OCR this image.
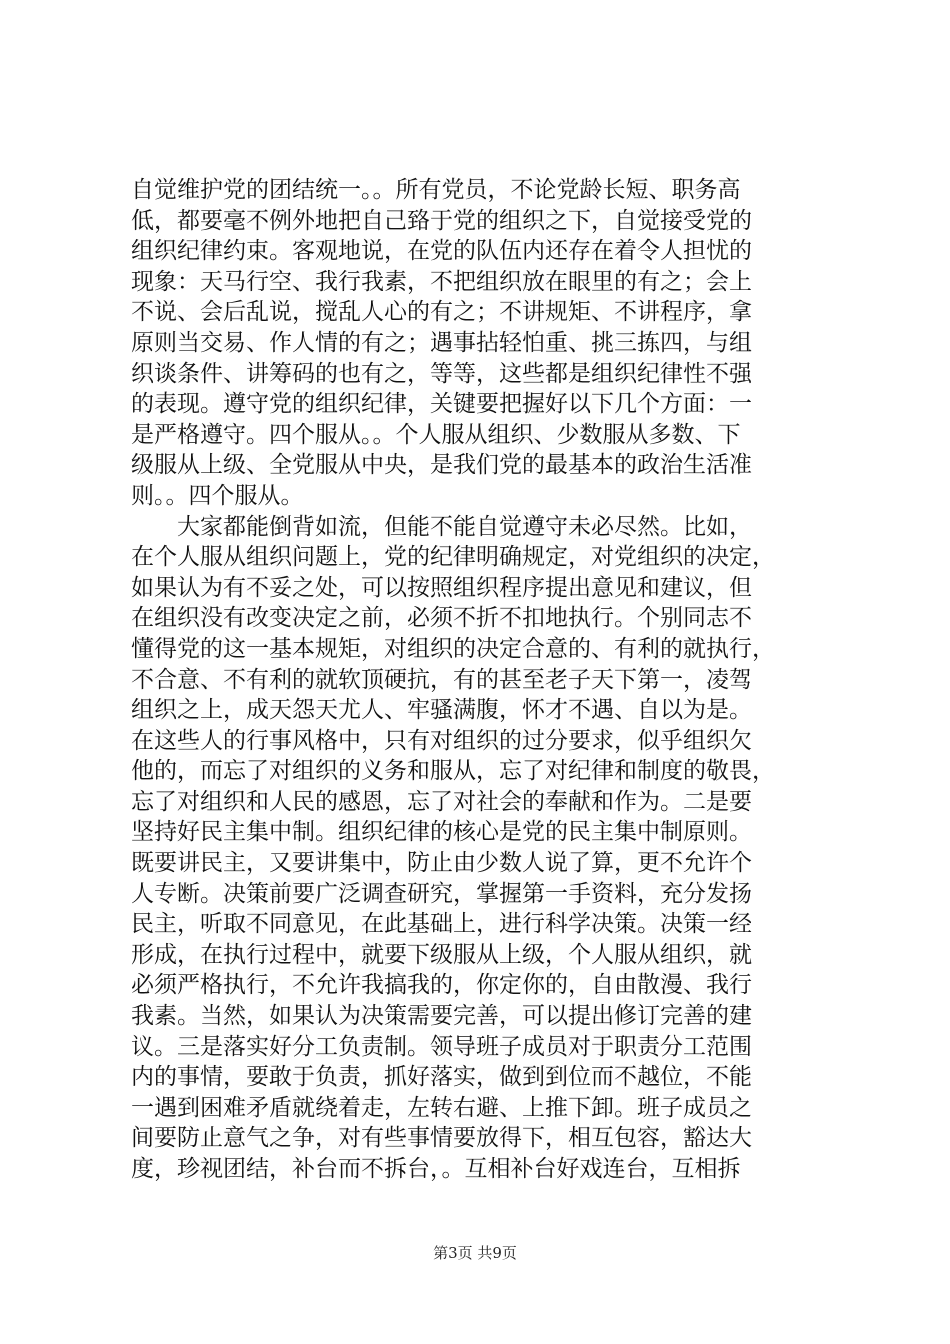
自觉维护党的团结统一。。所有党员，不论党龄长短、职务高
低，都要毫不例外地把自己臵于党的组织之下，自觉接受党的
组织纪律约束。客观地说，在党的队伍内还存在着令人担忧的
现象：天马行空、我行我素，不把组织放在眼里的有之；会上
不说、会后乱说，搅乱人心的有之；不讲规矩、不讲程序，拿
原则当交易、作人情的有之；遇事拈轻怕重、挑三拣四，与组
织谈条件、讲筹码的也有之，等等，这些都是组织纪律性不强
的表现。遵守党的组织纪律，关键要把握好以下几个方面：一
是严格遵守。四个服从。。个人服从组织、少数服从多数、下
级服从上级、全党服从中央，是我们党的最基本的政治生活准
则。。四个服从。
　　大家都能倒背如流，但能不能自觉遵守未必尽然。比如，
在个人服从组织问题上，党的纪律明确规定，对党组织的决定，
如果认为有不妥之处，可以按照组织程序提出意见和建议，但
在组织没有改变决定之前，必须不折不扣地执行。个别同志不
懂得党的这一基本规矩，对组织的决定合意的、有利的就执行，
不合意、不有利的就软顶硬抗，有的甚至老子天下第一，凌驾
组织之上，成天怨天尤人、牢骚满腹，怀才不遇、自以为是。
在这些人的行事风格中，只有对组织的过分要求，似乎组织欠
他的，而忘了对组织的义务和服从，忘了对纪律和制度的敬畏，
忘了对组织和人民的感恩，忘了对社会的奉献和作为。二是要
坚持好民主集中制。组织纪律的核心是党的民主集中制原则。
既要讲民主，又要讲集中，防止由少数人说了算，更不允许个
人专断。决策前要广泛调查研究，掌握第一手资料，充分发扬
民主，听取不同意见，在此基础上，进行科学决策。决策一经
形成，在执行过程中，就要下级服从上级，个人服从组织，就
必须严格执行，不允许我搞我的，你定你的，自由散漫、我行
我素。当然，如果认为决策需要完善，可以提出修订完善的建
议。三是落实好分工负责制。领导班子成员对于职责分工范围
内的事情，要敢于负责，抓好落实，做到到位而不越位，不能
一遇到困难矛盾就绕着走，左转右避、上推下卸。班子成员之
间要防止意气之争，对有些事情要放得下，相互包容，豁达大
度，珍视团结，补台而不拆台，。互相补台好戏连台，互相拆
第3页 共9页
